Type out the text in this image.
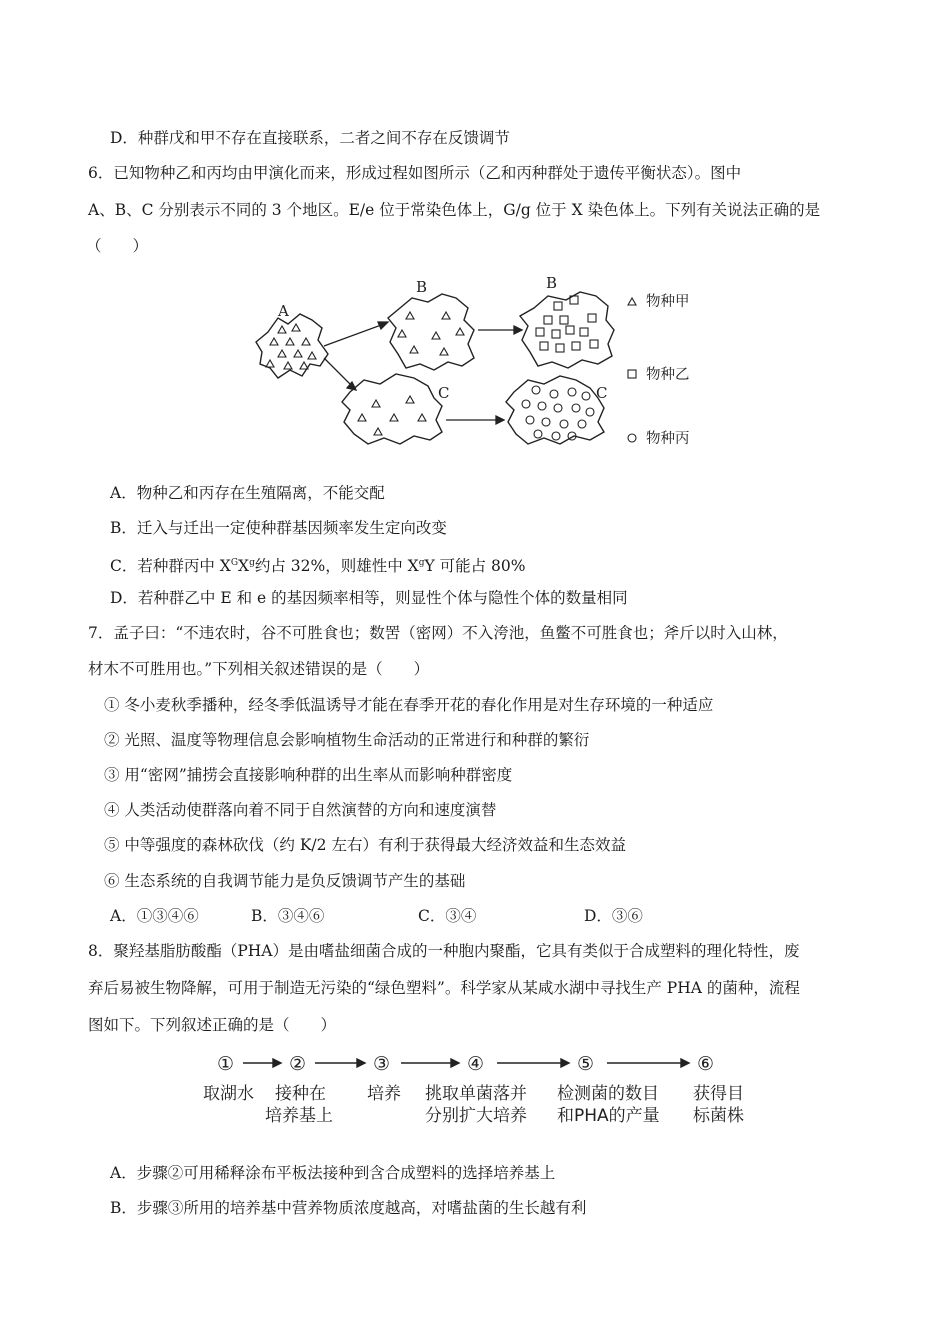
D．种群戊和甲不存在直接联系，二者之间不存在反馈调节
6．已知物种乙和丙均由甲演化而来，形成过程如图所示（乙和丙种群处于遗传平衡状态）。图中
A、B、C 分别表示不同的 3 个地区。E/e 位于常染色体上，G/g 位于 X 染色体上。下列有关说法正确的是
（　　）
A
B	B
C	C
物种甲
物种乙
物种丙
A．物种乙和丙存在生殖隔离，不能交配
B．迁入与迁出一定使种群基因频率发生定向改变
C．若种群丙中 $X^GX^g$约占 32%，则雄性中 $X^gY$ 可能占 80%
D．若种群乙中 E 和 e 的基因频率相等，则显性个体与隐性个体的数量相同
7．孟子曰：“不违农时，谷不可胜食也；数罟（密网）不入洿池，鱼鳖不可胜食也；斧斤以时入山林，
材木不可胜用也。”下列相关叙述错误的是（　　）
① 冬小麦秋季播种，经冬季低温诱导才能在春季开花的春化作用是对生存环境的一种适应
② 光照、温度等物理信息会影响植物生命活动的正常进行和种群的繁衍
③ 用“密网”捕捞会直接影响种群的出生率从而影响种群密度
④ 人类活动使群落向着不同于自然演替的方向和速度演替
⑤ 中等强度的森林砍伐（约 K/2 左右）有利于获得最大经济效益和生态效益
⑥ 生态系统的自我调节能力是负反馈调节产生的基础
A．①③④⑥	B．③④⑥	C．③④	D．③⑥
8．聚羟基脂肪酸酯（PHA）是由嗜盐细菌合成的一种胞内聚酯，它具有类似于合成塑料的理化特性，废
弃后易被生物降解，可用于制造无污染的“绿色塑料”。科学家从某咸水湖中寻找生产 PHA 的菌种，流程
图如下。下列叙述正确的是（　　）
①	②	③	④	⑤	⑥
取湖水 接种在
培养基上
培养 挑取单菌落并
分别扩大培养
检测菌的数目
和PHA的产量
获得目
标菌株
A．步骤②可用稀释涂布平板法接种到含合成塑料的选择培养基上
B．步骤③所用的培养基中营养物质浓度越高，对嗜盐菌的生长越有利
